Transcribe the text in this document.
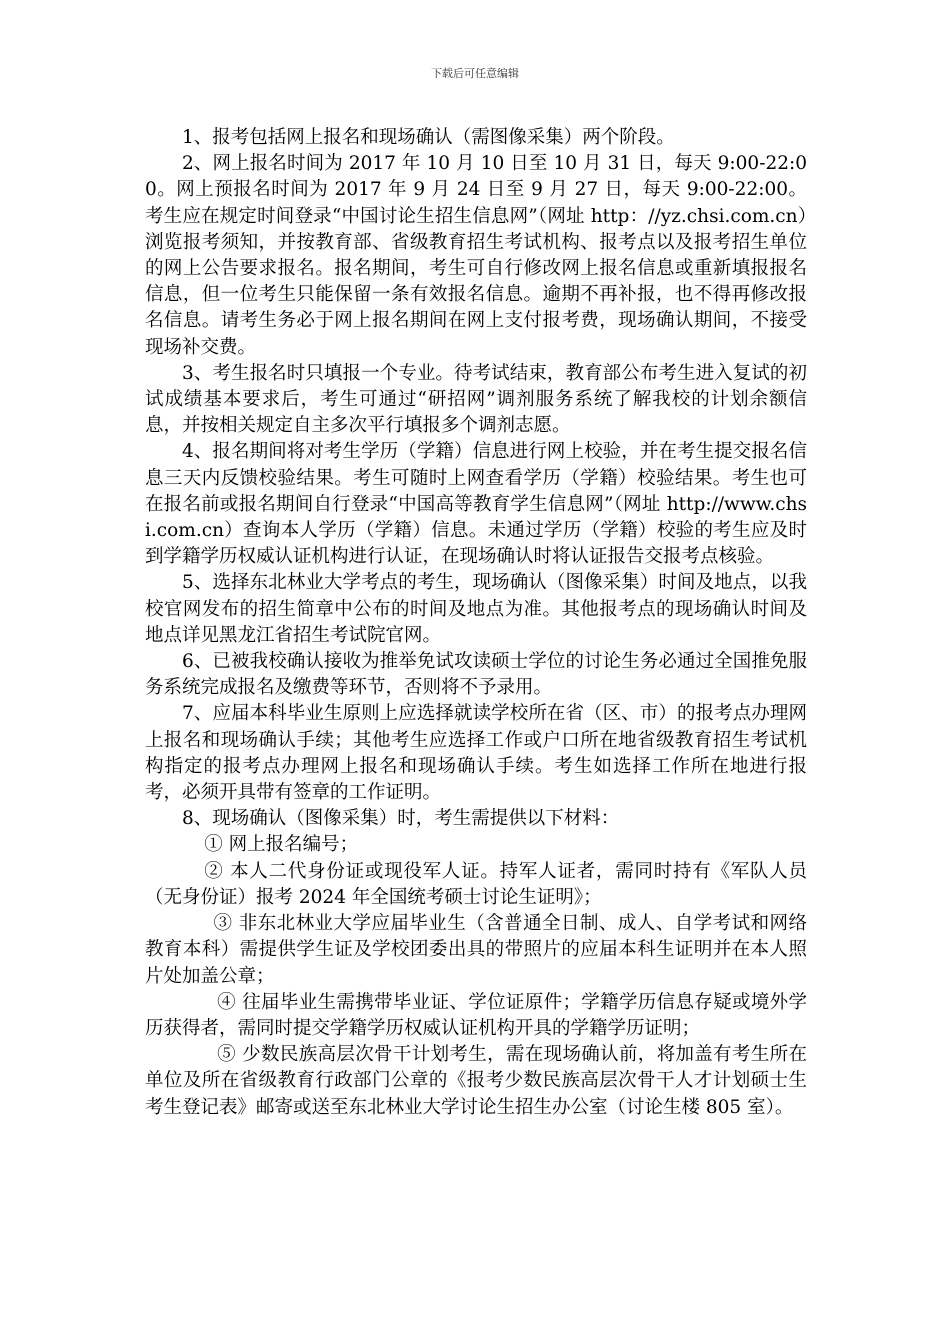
下载后可任意编辑

1、报考包括网上报名和现场确认（需图像采集）两个阶段。

2、网上报名时间为 2017 年 10 月 10 日至 10 月 31 日，每天 9:00-22:00。网上预报名时间为 2017 年 9 月 24 日至 9 月 27 日，每天 9:00-22:00。考生应在规定时间登录“中国讨论生招生信息网”（网址 http：//yz.chsi.com.cn）浏览报考须知，并按教育部、省级教育招生考试机构、报考点以及报考招生单位的网上公告要求报名。报名期间，考生可自行修改网上报名信息或重新填报报名信息，但一位考生只能保留一条有效报名信息。逾期不再补报，也不得再修改报名信息。请考生务必于网上报名期间在网上支付报考费，现场确认期间，不接受现场补交费。

3、考生报名时只填报一个专业。待考试结束，教育部公布考生进入复试的初试成绩基本要求后，考生可通过“研招网”调剂服务系统了解我校的计划余额信息，并按相关规定自主多次平行填报多个调剂志愿。

4、报名期间将对考生学历（学籍）信息进行网上校验，并在考生提交报名信息三天内反馈校验结果。考生可随时上网查看学历（学籍）校验结果。考生也可在报名前或报名期间自行登录“中国高等教育学生信息网”（网址 http://www.chsi.com.cn）查询本人学历（学籍）信息。未通过学历（学籍）校验的考生应及时到学籍学历权威认证机构进行认证，在现场确认时将认证报告交报考点核验。

5、选择东北林业大学考点的考生，现场确认（图像采集）时间及地点，以我校官网发布的招生简章中公布的时间及地点为准。其他报考点的现场确认时间及地点详见黑龙江省招生考试院官网。

6、已被我校确认接收为推举免试攻读硕士学位的讨论生务必通过全国推免服务系统完成报名及缴费等环节，否则将不予录用。

7、应届本科毕业生原则上应选择就读学校所在省（区、市）的报考点办理网上报名和现场确认手续；其他考生应选择工作或户口所在地省级教育招生考试机构指定的报考点办理网上报名和现场确认手续。考生如选择工作所在地进行报考，必须开具带有签章的工作证明。

8、现场确认（图像采集）时，考生需提供以下材料：

① 网上报名编号；

② 本人二代身份证或现役军人证。持军人证者，需同时持有《军队人员（无身份证）报考 2024 年全国统考硕士讨论生证明》；

③ 非东北林业大学应届毕业生（含普通全日制、成人、自学考试和网络教育本科）需提供学生证及学校团委出具的带照片的应届本科生证明并在本人照片处加盖公章；

④ 往届毕业生需携带毕业证、学位证原件；学籍学历信息存疑或境外学历获得者，需同时提交学籍学历权威认证机构开具的学籍学历证明；

⑤ 少数民族高层次骨干计划考生，需在现场确认前，将加盖有考生所在单位及所在省级教育行政部门公章的《报考少数民族高层次骨干人才计划硕士生考生登记表》邮寄或送至东北林业大学讨论生招生办公室（讨论生楼 805 室）。
